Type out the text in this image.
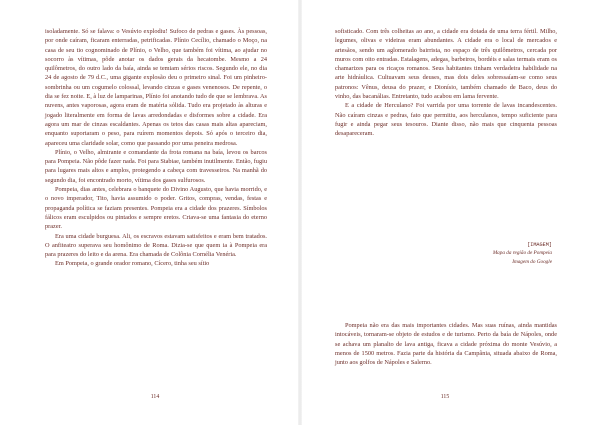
isoladamente. Só se falava: o Vesúvio explodiu! Sufoco de pedras e gases. Às pessoas, por onde caíram, ficaram enterradas, petrificadas. Plínio Cecílio, chamado o Moço, na casa de seu tio cognominado de Plínio, o Velho, que também foi vítima, ao ajudar no socorro às vítimas, pôde anotar os dados gerais da hecatombe. Mesmo a 24 quilômetros, do outro lado da baía, ainda se temiam sérios riscos. Segundo ele, no dia 24 de agosto de 79 d.C., uma gigante explosão deu o primeiro sinal. Foi um pinheiro-sombrinha ou um cogumelo colossal, levando cinzas e gases venenosos. De repente, o dia se fez noite. E, à luz de lamparinas, Plínio foi anotando tudo de que se lembrava. As nuvens, antes vaporosas, agora eram de matéria sólida. Tudo era projetado às alturas e jogado literalmente em forma de lavas arredondadas e disformes sobre a cidade. Era agora um mar de cinzas escaldantes. Apenas os tetos das casas mais altas apareciam, enquanto suportaram o peso, para ruírem momentos depois. Só após o terceiro dia, apareceu uma claridade solar, como que passando por uma peneira medrosa.

Plínio, o Velho, almirante e comandante da frota romana na baía, levou os barcos para Pompeia. Não pôde fazer nada. Foi para Stabiae, também inutilmente. Então, fugiu para lugares mais altos e amplos, protegendo a cabeça com travesseiros. Na manhã do segundo dia, foi encontrado morto, vítima dos gases sulfurosos.

Pompeia, dias antes, celebrara o banquete do Divino Augusto, que havia morrido, e o novo imperador, Tito, havia assumido o poder. Gritos, compras, vendas, festas e propaganda política se faziam presentes. Pompeia era a cidade dos prazeres. Símbolos fálicos eram esculpidos ou pintados e sempre eretos. Criava-se uma fantasia do eterno prazer.

Era uma cidade burguesa. Ali, os escravos estavam satisfeitos e eram bem tratados. O anfiteatro superava seu homônimo de Roma. Dizia-se que quem ia à Pompeia era para prazeres do leito e da arena. Era chamada de Colônia Cornélia Venéria.

Em Pompeia, o grande orador romano, Cícero, tinha seu sítio

114

sofisticado. Com três colheitas ao ano, a cidade era dotada de uma terra fértil. Milho, legumes, olivas e videiras eram abundantes. A cidade era o local de mercados e artesãos, sendo um aglomerado bairrista, no espaço de três quilômetros, cercada por muros com oito entradas. Estalagens, adegas, barbeiros, bordéis e salas termais eram os chamarizes para os ricaços romanos. Seus habitantes tinham verdadeira habilidade na arte hidráulica. Cultuavam seus deuses, mas dois deles sobressaíam-se como seus patronos: Vênus, deusa do prazer, e Dionísio, também chamado de Baco, deus do vinho, das bacanálias. Entretanto, tudo acabou em lama fervente.

E a cidade de Herculano? Foi varrida por uma torrente de lavas incandescentes. Não caíram cinzas e pedras, fato que permitiu, aos herculanos, tempo suficiente para fugir e ainda pegar seus tesouros. Diante disso, não mais que cinquenta pessoas desapareceram.

[IMAGEM]
Mapa da região de Pompeia
Imagem do Google

Pompeia não era das mais importantes cidades. Mas suas ruínas, ainda mantidas intocáveis, tornaram-se objeto de estudos e de turismo. Perto da baía de Nápoles, onde se achava um planalto de lava antiga, ficava a cidade próxima do monte Vesúvio, a menos de 1500 metros. Fazia parte da história da Campânia, situada abaixo de Roma, junto aos golfos de Nápoles e Salerno.

115
